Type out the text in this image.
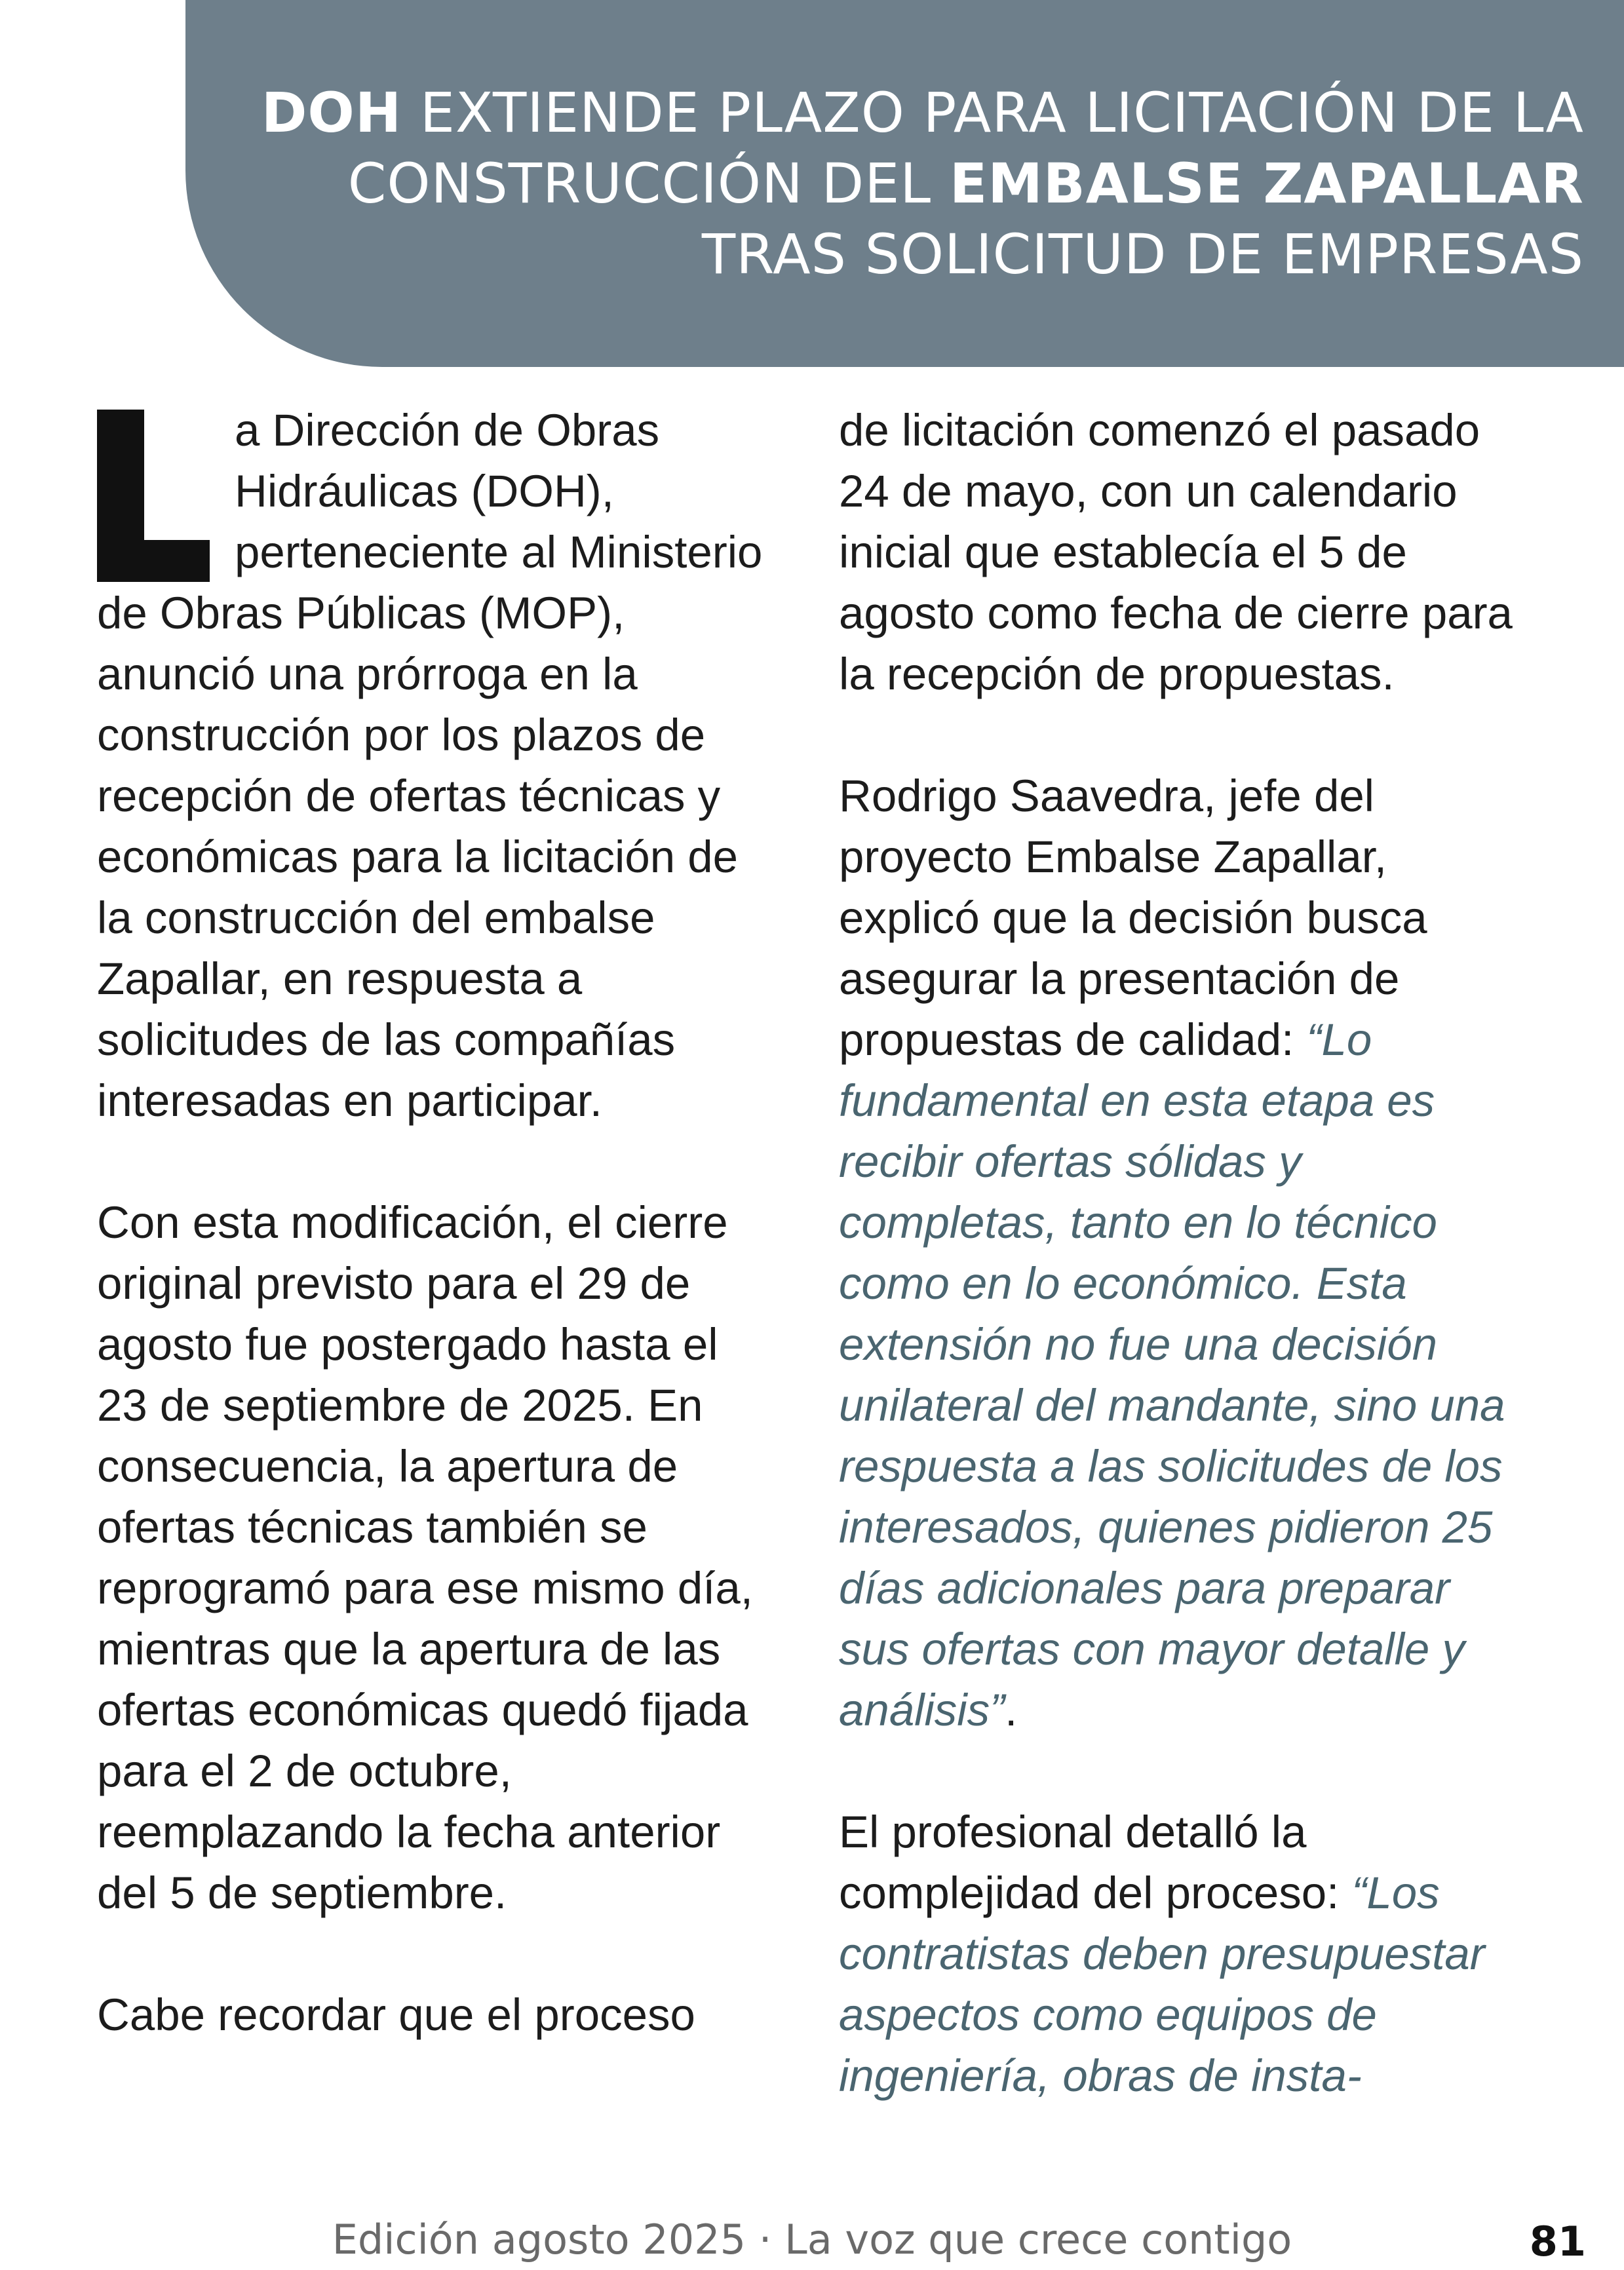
DOH EXTIENDE PLAZO PARA LICITACIÓN DE LA CONSTRUCCIÓN DEL EMBALSE ZAPALLAR TRAS SOLICITUD DE EMPRESAS

a Dirección de Obras Hidráulicas (DOH), perteneciente al Ministerio de Obras Públicas (MOP), anunció una prórroga en la construcción por los plazos de recepción de ofertas técnicas y económicas para la licitación de la construcción del embalse Zapallar, en respuesta a solicitudes de las compañías interesadas en participar.

Con esta modificación, el cierre original previsto para el 29 de agosto fue postergado hasta el 23 de septiembre de 2025. En consecuencia, la apertura de ofertas técnicas también se reprogramó para ese mismo día, mientras que la apertura de las ofertas económicas quedó fijada para el 2 de octubre, reemplazando la fecha anterior del 5 de septiembre.

Cabe recordar que el proceso

de licitación comenzó el pasado 24 de mayo, con un calendario inicial que establecía el 5 de agosto como fecha de cierre para la recepción de propuestas.

Rodrigo Saavedra, jefe del proyecto Embalse Zapallar, explicó que la decisión busca asegurar la presentación de propuestas de calidad: “Lo fundamental en esta etapa es recibir ofertas sólidas y completas, tanto en lo técnico como en lo económico. Esta extensión no fue una decisión unilateral del mandante, sino una respuesta a las solicitudes de los interesados, quienes pidieron 25 días adicionales para preparar sus ofertas con mayor detalle y análisis”.

El profesional detalló la complejidad del proceso: “Los contratistas deben presupuestar aspectos como equipos de ingeniería, obras de insta-

Edición agosto 2025 · La voz que crece contigo	81
